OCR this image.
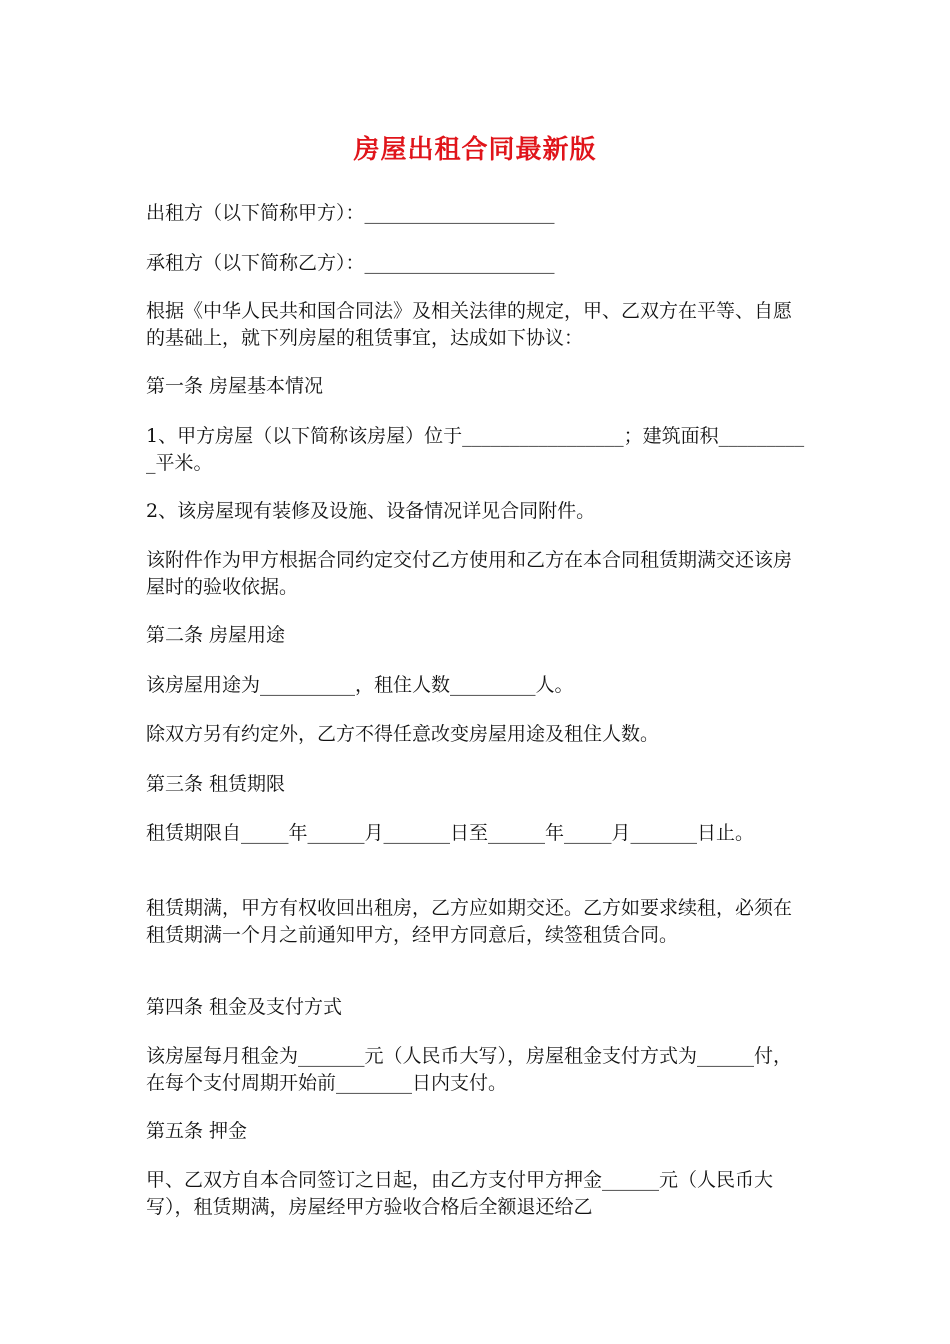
房屋出租合同最新版
出租方（以下简称甲方）：____________________
承租方（以下简称乙方）：____________________
根据《中华人民共和国合同法》及相关法律的规定，甲、乙双方在平等、自愿的基础上，就下列房屋的租赁事宜，达成如下协议：
第一条 房屋基本情况
1、甲方房屋（以下简称该房屋）位于_________________；建筑面积__________平米。
2、该房屋现有装修及设施、设备情况详见合同附件。
该附件作为甲方根据合同约定交付乙方使用和乙方在本合同租赁期满交还该房屋时的验收依据。
第二条 房屋用途
该房屋用途为__________，租住人数_________人。
除双方另有约定外，乙方不得任意改变房屋用途及租住人数。
第三条 租赁期限
租赁期限自_____年______月_______日至______年_____月_______日止。
租赁期满，甲方有权收回出租房，乙方应如期交还。乙方如要求续租，必须在租赁期满一个月之前通知甲方，经甲方同意后，续签租赁合同。
第四条 租金及支付方式
该房屋每月租金为_______元（人民币大写），房屋租金支付方式为______付，在每个支付周期开始前________日内支付。
第五条 押金
甲、乙双方自本合同签订之日起，由乙方支付甲方押金______元（人民币大写），租赁期满，房屋经甲方验收合格后全额退还给乙
